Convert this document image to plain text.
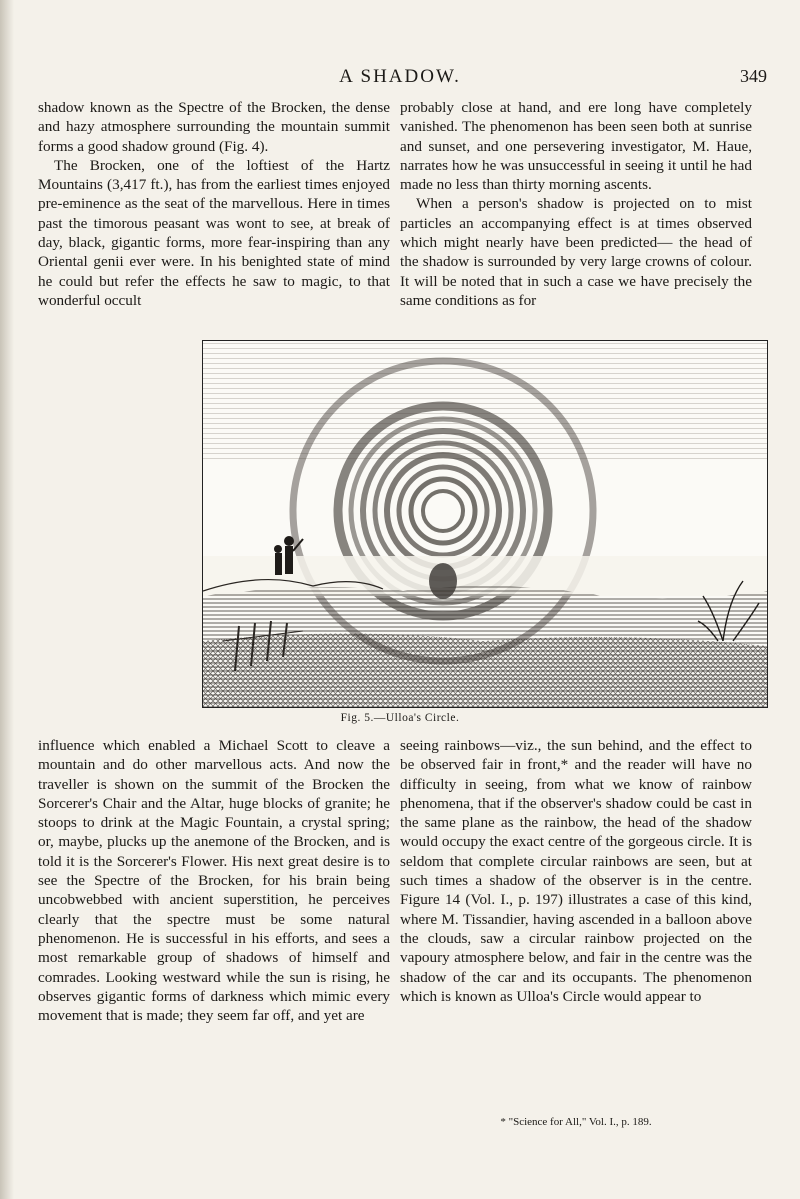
A SHADOW.	349

shadow known as the Spectre of the Brocken, the dense and hazy atmosphere surrounding the mountain summit forms a good shadow ground (Fig. 4).

The Brocken, one of the loftiest of the Hartz Mountains (3,417 ft.), has from the earliest times enjoyed pre-eminence as the seat of the marvellous. Here in times past the timorous peasant was wont to see, at break of day, black, gigantic forms, more fear-inspiring than any Oriental genii ever were. In his benighted state of mind he could but refer the effects he saw to magic, to that wonderful occult

probably close at hand, and ere long have completely vanished. The phenomenon has been seen both at sunrise and sunset, and one persevering investigator, M. Haue, narrates how he was unsuccessful in seeing it until he had made no less than thirty morning ascents.

When a person's shadow is projected on to mist particles an accompanying effect is at times observed which might nearly have been predicted— the head of the shadow is surrounded by very large crowns of colour. It will be noted that in such a case we have precisely the same conditions as for

Fig. 5.—Ulloa's Circle.

influence which enabled a Michael Scott to cleave a mountain and do other marvellous acts. And now the traveller is shown on the summit of the Brocken the Sorcerer's Chair and the Altar, huge blocks of granite; he stoops to drink at the Magic Fountain, a crystal spring; or, maybe, plucks up the anemone of the Brocken, and is told it is the Sorcerer's Flower. His next great desire is to see the Spectre of the Brocken, for his brain being uncobwebbed with ancient superstition, he perceives clearly that the spectre must be some natural phenomenon. He is successful in his efforts, and sees a most remarkable group of shadows of himself and comrades. Looking westward while the sun is rising, he observes gigantic forms of darkness which mimic every movement that is made; they seem far off, and yet are

seeing rainbows—viz., the sun behind, and the effect to be observed fair in front,* and the reader will have no difficulty in seeing, from what we know of rainbow phenomena, that if the observer's shadow could be cast in the same plane as the rainbow, the head of the shadow would occupy the exact centre of the gorgeous circle. It is seldom that complete circular rainbows are seen, but at such times a shadow of the observer is in the centre. Figure 14 (Vol. I., p. 197) illustrates a case of this kind, where M. Tissandier, having ascended in a balloon above the clouds, saw a circular rainbow projected on the vapoury atmosphere below, and fair in the centre was the shadow of the car and its occupants. The phenomenon which is known as Ulloa's Circle would appear to

* "Science for All," Vol. I., p. 189.
